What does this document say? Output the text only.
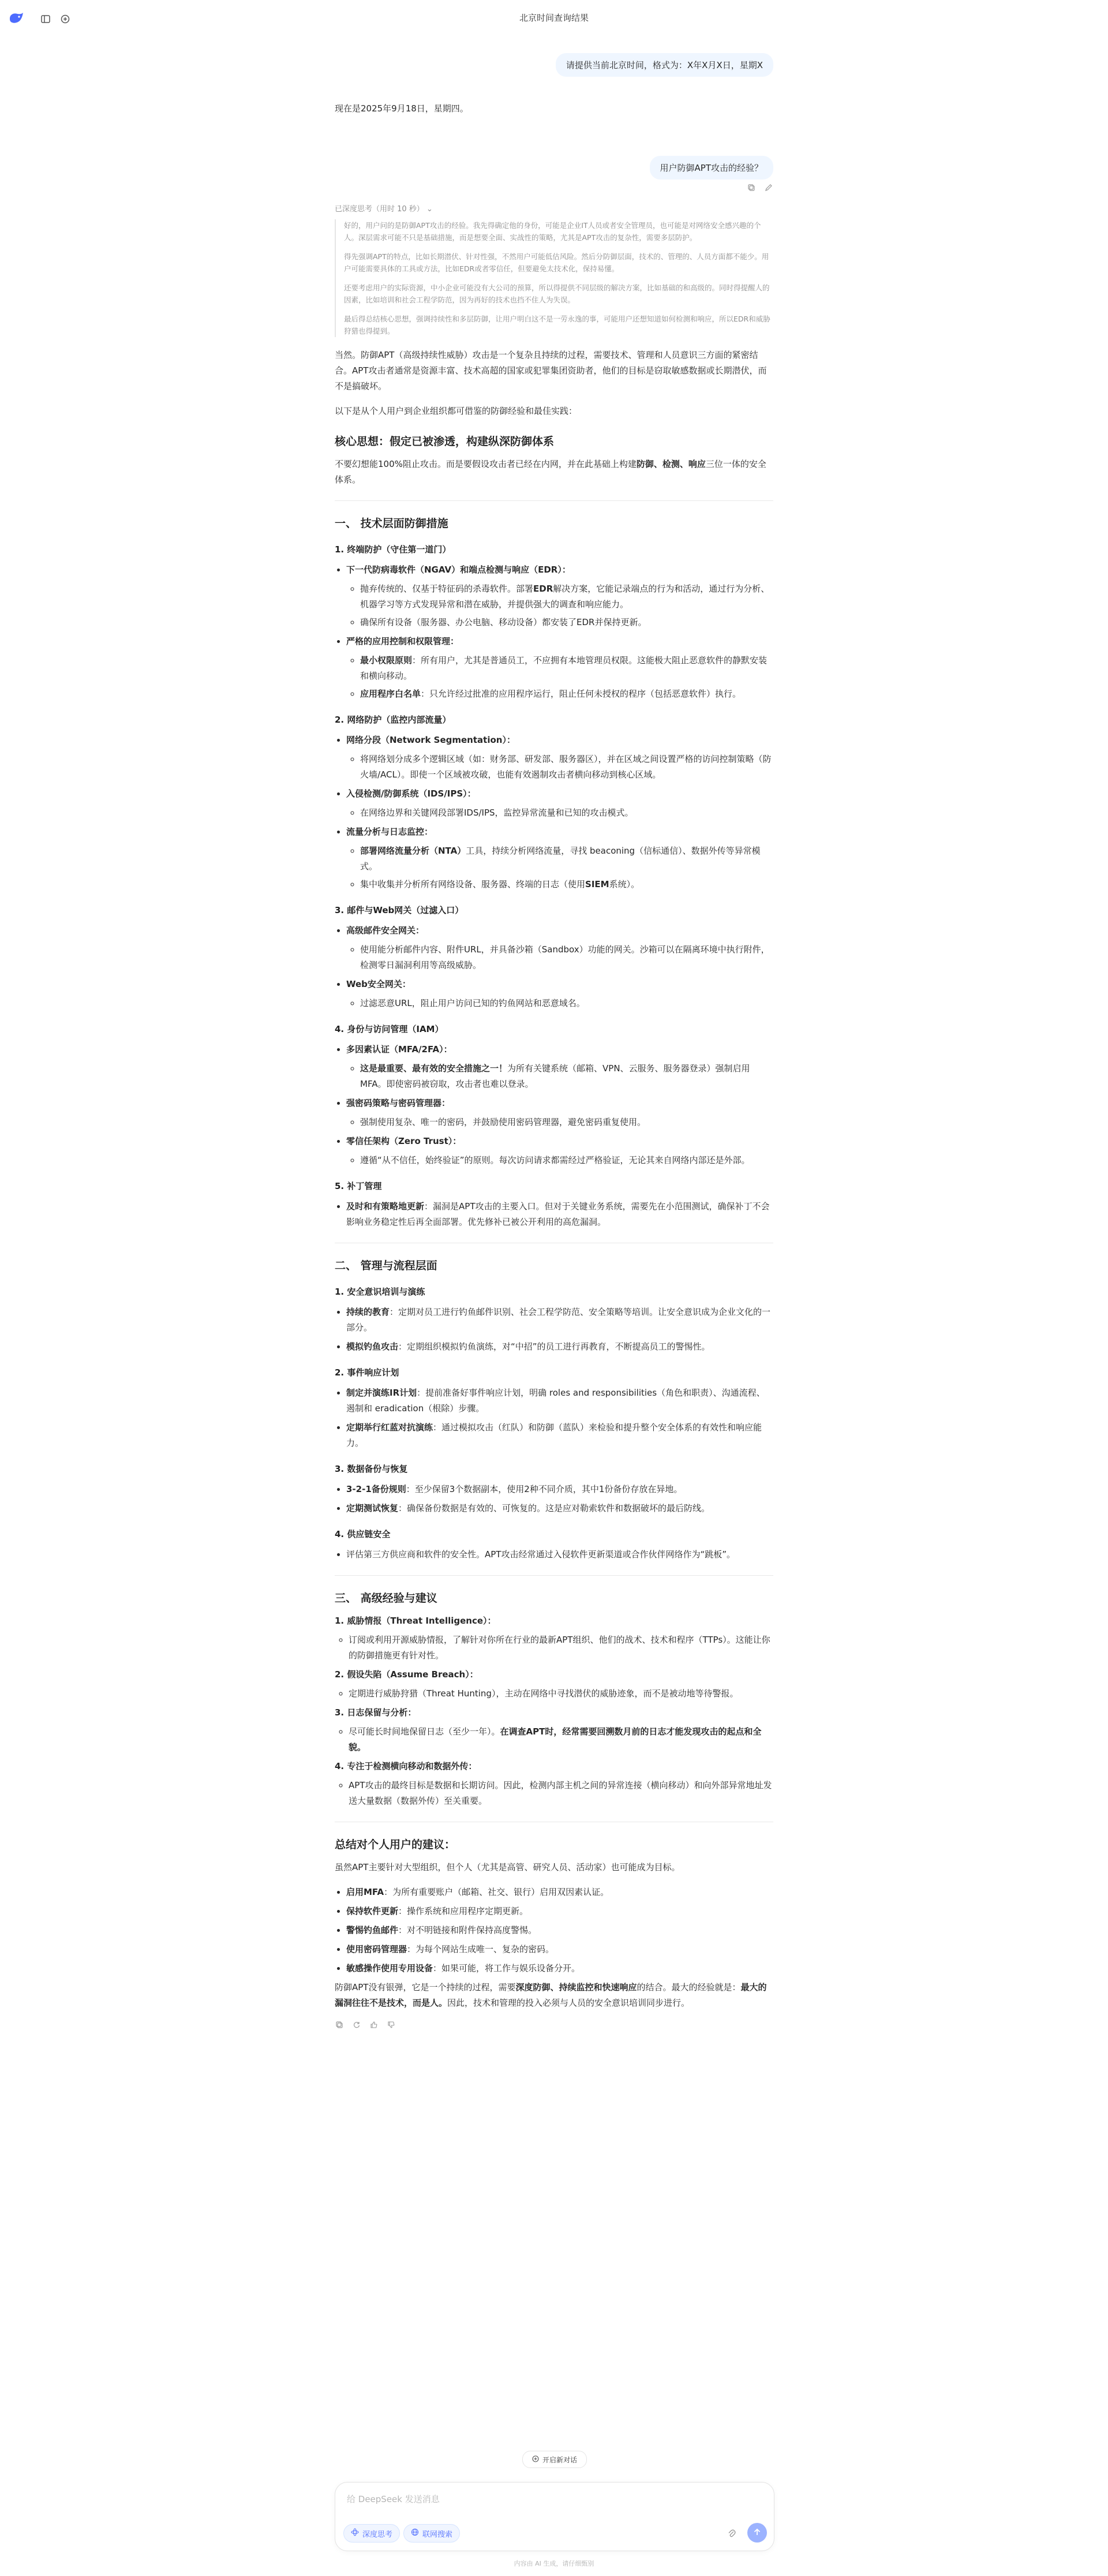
北京时间查询结果
请提供当前北京时间，格式为：X年X月X日，星期X

现在是2025年9月18日，星期四。

用户防御APT攻击的经验？
已深度思考（用时 10 秒） ⌄

好的，用户问的是防御APT攻击的经验。我先得确定他的身份，可能是企业IT人员或者安全管理员，也可能是对网络安全感兴趣的个人。深层需求可能不只是基础措施，而是想要全面、实战性的策略，尤其是APT攻击的复杂性，需要多层防护。

得先强调APT的特点，比如长期潜伏、针对性强，不然用户可能低估风险。然后分防御层面，技术的、管理的、人员方面都不能少。用户可能需要具体的工具或方法，比如EDR或者零信任，但要避免太技术化，保持易懂。

还要考虑用户的实际资源，中小企业可能没有大公司的预算，所以得提供不同层级的解决方案，比如基础的和高级的。同时得提醒人的因素，比如培训和社会工程学防范，因为再好的技术也挡不住人为失误。

最后得总结核心思想，强调持续性和多层防御，让用户明白这不是一劳永逸的事，可能用户还想知道如何检测和响应，所以EDR和威胁狩猎也得提到。

当然。防御APT（高级持续性威胁）攻击是一个复杂且持续的过程，需要技术、管理和人员意识三方面的紧密结合。APT攻击者通常是资源丰富、技术高超的国家或犯罪集团资助者，他们的目标是窃取敏感数据或长期潜伏，而不是搞破坏。

以下是从个人用户到企业组织都可借鉴的防御经验和最佳实践：

核心思想：假定已被渗透，构建纵深防御体系

不要幻想能100%阻止攻击。而是要假设攻击者已经在内网，并在此基础上构建防御、检测、响应三位一体的安全体系。

一、 技术层面防御措施
1. 终端防护（守住第一道门）
• 下一代防病毒软件（NGAV）和端点检测与响应（EDR）：
◦ 抛弃传统的、仅基于特征码的杀毒软件。部署EDR解决方案，它能记录端点的行为和活动，通过行为分析、机器学习等方式发现异常和潜在威胁，并提供强大的调查和响应能力。
◦ 确保所有设备（服务器、办公电脑、移动设备）都安装了EDR并保持更新。
• 严格的应用控制和权限管理：
◦ 最小权限原则：所有用户，尤其是普通员工，不应拥有本地管理员权限。这能极大阻止恶意软件的静默安装和横向移动。
◦ 应用程序白名单：只允许经过批准的应用程序运行，阻止任何未授权的程序（包括恶意软件）执行。
2. 网络防护（监控内部流量）
• 网络分段（Network Segmentation）：
◦ 将网络划分成多个逻辑区域（如：财务部、研发部、服务器区），并在区域之间设置严格的访问控制策略（防火墙/ACL）。即使一个区域被攻破，也能有效遏制攻击者横向移动到核心区域。
• 入侵检测/防御系统（IDS/IPS）：
◦ 在网络边界和关键网段部署IDS/IPS，监控异常流量和已知的攻击模式。
• 流量分析与日志监控：
◦ 部署网络流量分析（NTA）工具，持续分析网络流量，寻找 beaconing（信标通信）、数据外传等异常模式。
◦ 集中收集并分析所有网络设备、服务器、终端的日志（使用SIEM系统）。
3. 邮件与Web网关（过滤入口）
• 高级邮件安全网关：
◦ 使用能分析邮件内容、附件URL，并具备沙箱（Sandbox）功能的网关。沙箱可以在隔离环境中执行附件，检测零日漏洞利用等高级威胁。
• Web安全网关：
◦ 过滤恶意URL，阻止用户访问已知的钓鱼网站和恶意域名。
4. 身份与访问管理（IAM）
• 多因素认证（MFA/2FA）：
◦ 这是最重要、最有效的安全措施之一！为所有关键系统（邮箱、VPN、云服务、服务器登录）强制启用MFA。即使密码被窃取，攻击者也难以登录。
• 强密码策略与密码管理器：
◦ 强制使用复杂、唯一的密码，并鼓励使用密码管理器，避免密码重复使用。
• 零信任架构（Zero Trust）：
◦ 遵循“从不信任，始终验证”的原则。每次访问请求都需经过严格验证，无论其来自网络内部还是外部。
5. 补丁管理
• 及时和有策略地更新：漏洞是APT攻击的主要入口。但对于关键业务系统，需要先在小范围测试，确保补丁不会影响业务稳定性后再全面部署。优先修补已被公开利用的高危漏洞。
二、 管理与流程层面
1. 安全意识培训与演练
• 持续的教育：定期对员工进行钓鱼邮件识别、社会工程学防范、安全策略等培训。让安全意识成为企业文化的一部分。
• 模拟钓鱼攻击：定期组织模拟钓鱼演练，对“中招”的员工进行再教育，不断提高员工的警惕性。
2. 事件响应计划
• 制定并演练IR计划：提前准备好事件响应计划，明确 roles and responsibilities（角色和职责）、沟通流程、遏制和 eradication（根除）步骤。
• 定期举行红蓝对抗演练：通过模拟攻击（红队）和防御（蓝队）来检验和提升整个安全体系的有效性和响应能力。
3. 数据备份与恢复
• 3-2-1备份规则：至少保留3个数据副本，使用2种不同介质，其中1份备份存放在异地。
• 定期测试恢复：确保备份数据是有效的、可恢复的。这是应对勒索软件和数据破坏的最后防线。
4. 供应链安全
• 评估第三方供应商和软件的安全性。APT攻击经常通过入侵软件更新渠道或合作伙伴网络作为“跳板”。
三、 高级经验与建议
1. 威胁情报（Threat Intelligence）：
◦ 订阅或利用开源威胁情报，了解针对你所在行业的最新APT组织、他们的战术、技术和程序（TTPs）。这能让你的防御措施更有针对性。
2. 假设失陷（Assume Breach）：
◦ 定期进行威胁狩猎（Threat Hunting），主动在网络中寻找潜伏的威胁迹象，而不是被动地等待警报。
3. 日志保留与分析：
◦ 尽可能长时间地保留日志（至少一年）。在调查APT时，经常需要回溯数月前的日志才能发现攻击的起点和全貌。
4. 专注于检测横向移动和数据外传：
◦ APT攻击的最终目标是数据和长期访问。因此，检测内部主机之间的异常连接（横向移动）和向外部异常地址发送大量数据（数据外传）至关重要。
总结对个人用户的建议：

虽然APT主要针对大型组织，但个人（尤其是高管、研究人员、活动家）也可能成为目标。

• 启用MFA：为所有重要账户（邮箱、社交、银行）启用双因素认证。
• 保持软件更新：操作系统和应用程序定期更新。
• 警惕钓鱼邮件：对不明链接和附件保持高度警惕。
• 使用密码管理器：为每个网站生成唯一、复杂的密码。
• 敏感操作使用专用设备：如果可能，将工作与娱乐设备分开。

防御APT没有银弹，它是一个持续的过程，需要深度防御、持续监控和快速响应的结合。最大的经验就是：最大的漏洞往往不是技术，而是人。因此，技术和管理的投入必须与人员的安全意识培训同步进行。

开启新对话
给 DeepSeek 发送消息
深度思考	联网搜索
内容由 AI 生成，请仔细甄别
